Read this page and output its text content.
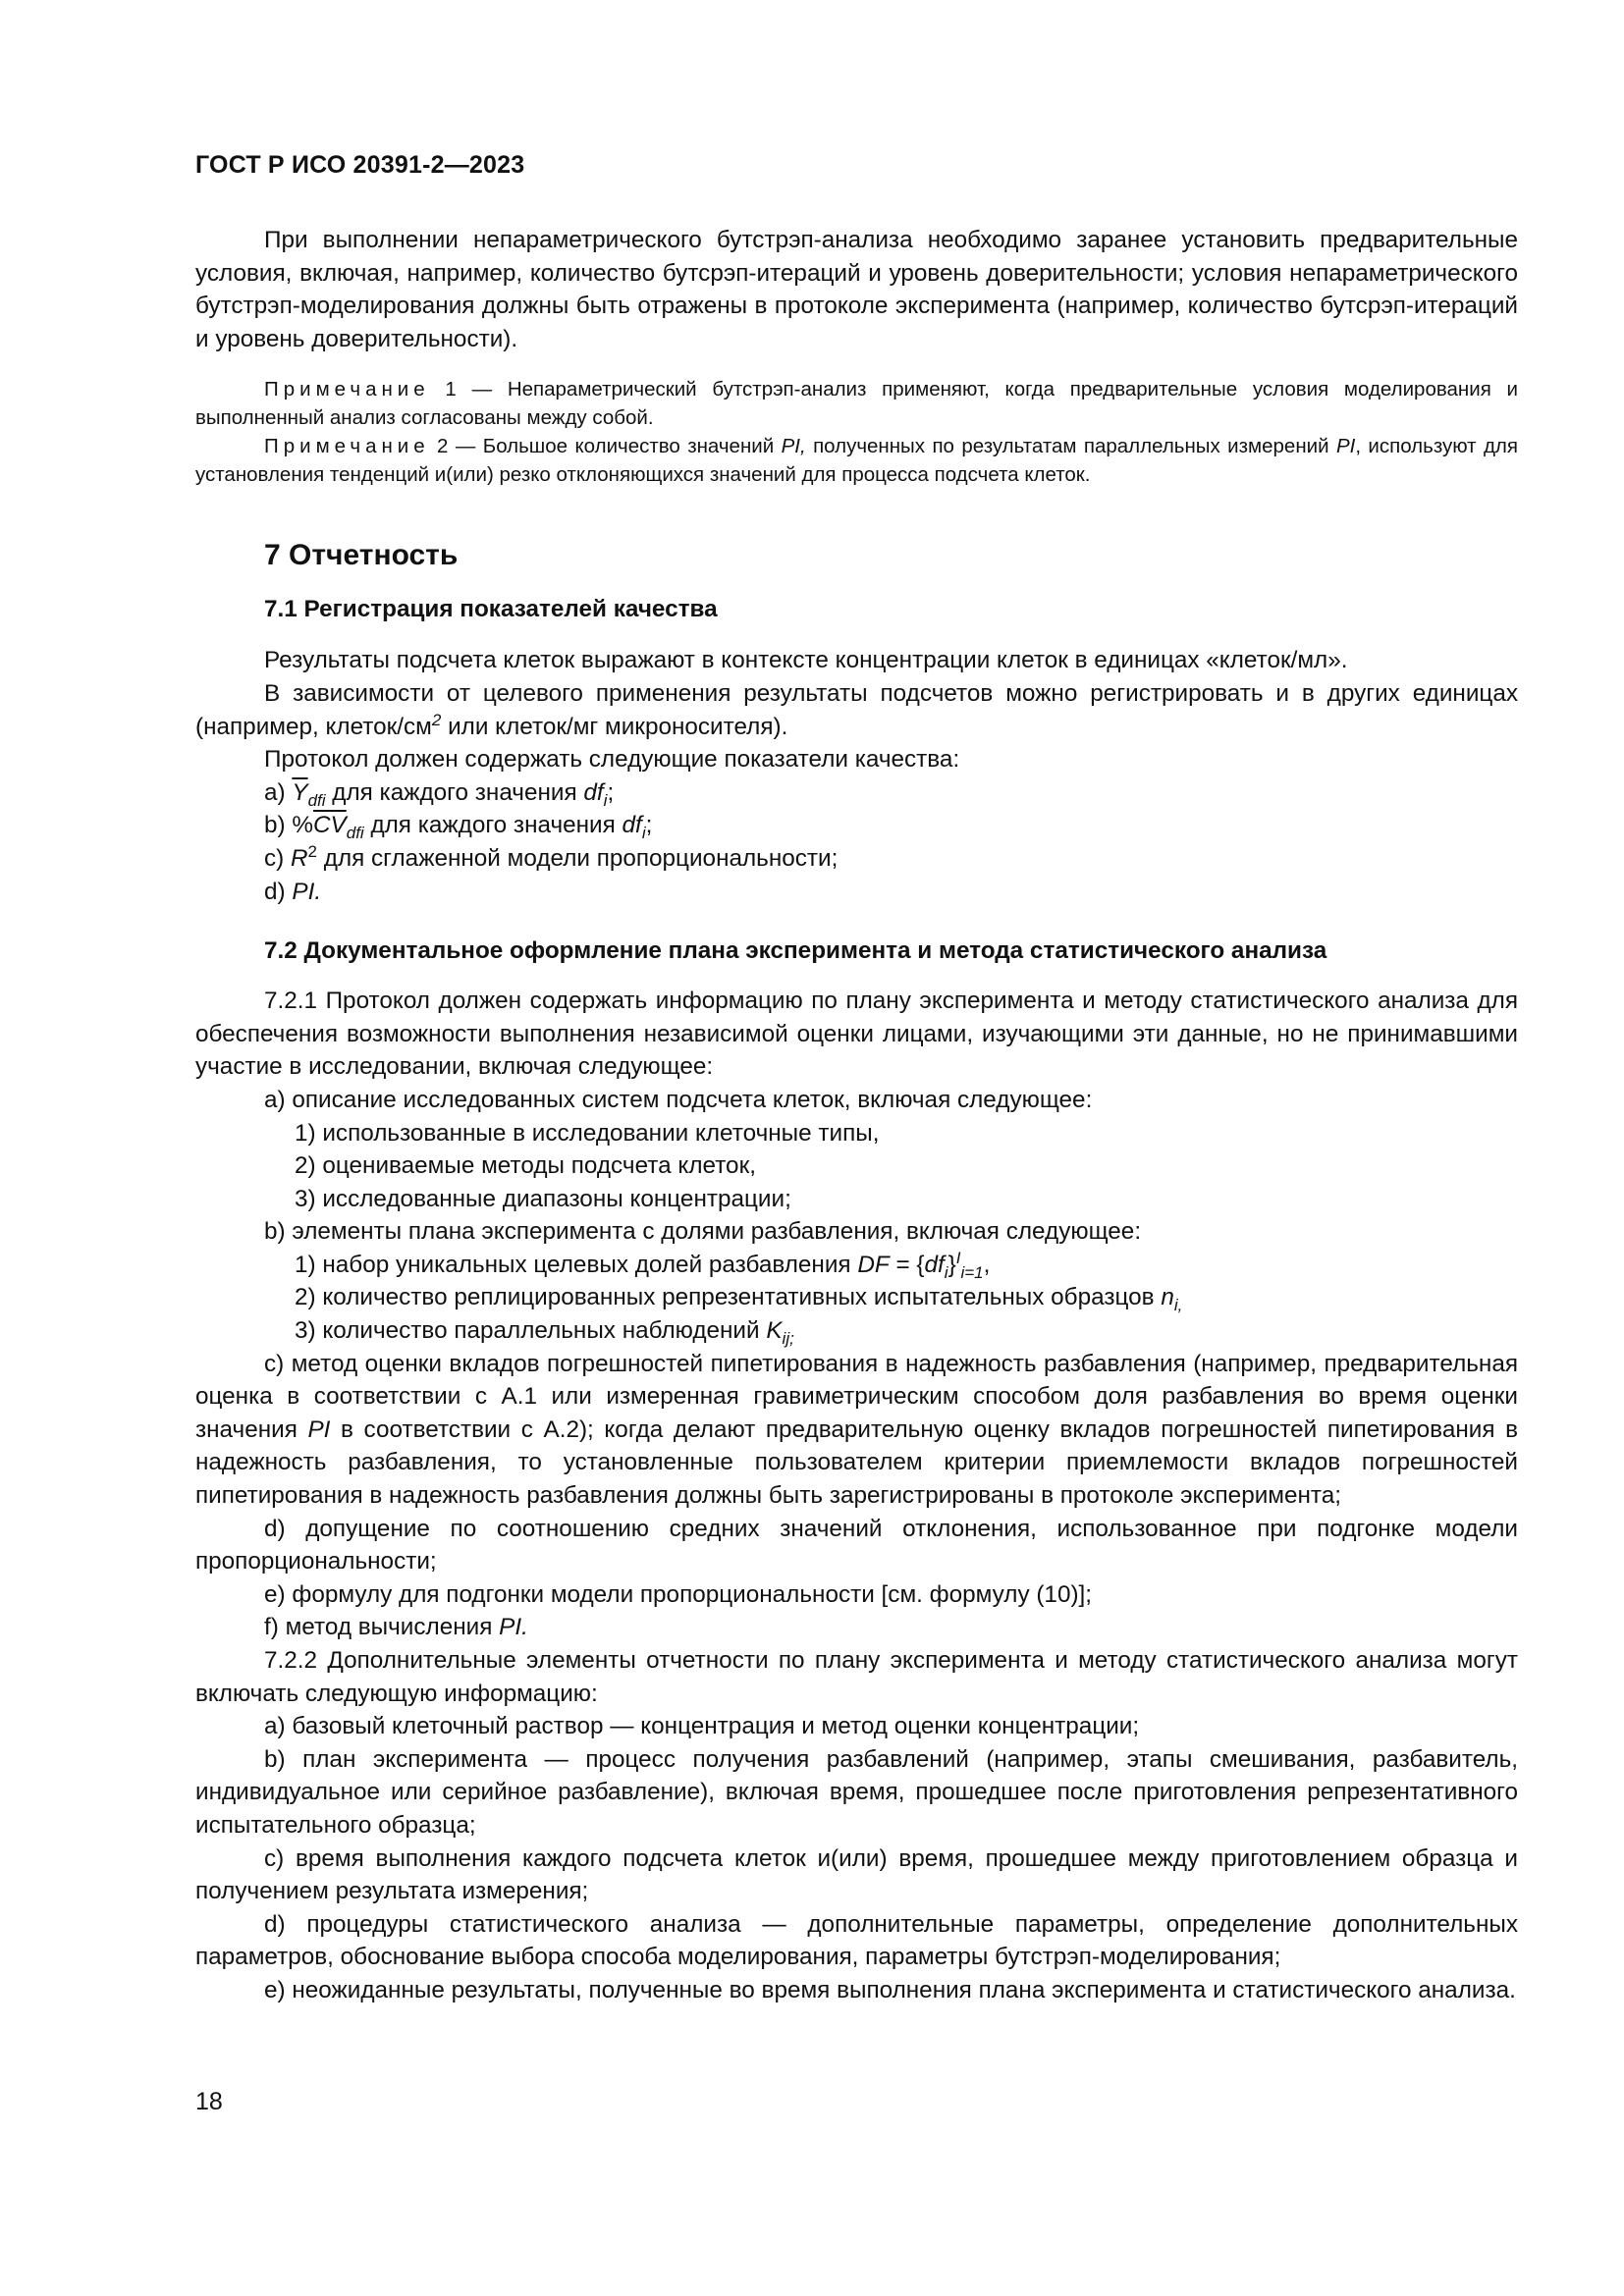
ГОСТ Р ИСО 20391-2—2023

При выполнении непараметрического бутстрэп-анализа необходимо заранее установить предварительные условия, включая, например, количество бутсрэп-итераций и уровень доверительности; условия непараметрического бутстрэп-моделирования должны быть отражены в протоколе эксперимента (например, количество бутсрэп-итераций и уровень доверительности).

Примечание 1 — Непараметрический бутстрэп-анализ применяют, когда предварительные условия моделирования и выполненный анализ согласованы между собой.

Примечание 2 — Большое количество значений PI, полученных по результатам параллельных измерений PI, используют для установления тенденций и(или) резко отклоняющихся значений для процесса подсчета клеток.

7 Отчетность
7.1 Регистрация показателей качества

Результаты подсчета клеток выражают в контексте концентрации клеток в единицах «клеток/мл».

В зависимости от целевого применения результаты подсчетов можно регистрировать и в других единицах (например, клеток/$см^2$ или клеток/мг микроносителя).

Протокол должен содержать следующие показатели качества:

a) $\overline{Y}_{dfi}$ для каждого значения $df_i$;

b) $\%\overline{CV}_{dfi}$ для каждого значения $df_i$;

c) $R^2$ для сглаженной модели пропорциональности;

d) PI.

7.2 Документальное оформление плана эксперимента и метода статистического анализа

7.2.1 Протокол должен содержать информацию по плану эксперимента и методу статистического анализа для обеспечения возможности выполнения независимой оценки лицами, изучающими эти данные, но не принимавшими участие в исследовании, включая следующее:

а) описание исследованных систем подсчета клеток, включая следующее:

1) использованные в исследовании клеточные типы,

2) оцениваемые методы подсчета клеток,

3) исследованные диапазоны концентрации;

b) элементы плана эксперимента с долями разбавления, включая следующее:

1) набор уникальных целевых долей разбавления DF = $\{df_i\}^I_{i=1}$,

2) количество реплицированных репрезентативных испытательных образцов $n_{i,}$

3) количество параллельных наблюдений $K_{ij;}$

c) метод оценки вкладов погрешностей пипетирования в надежность разбавления (например, предварительная оценка в соответствии с А.1 или измеренная гравиметрическим способом доля разбавления во время оценки значения PI в соответствии с А.2); когда делают предварительную оценку вкладов погрешностей пипетирования в надежность разбавления, то установленные пользователем критерии приемлемости вкладов погрешностей пипетирования в надежность разбавления должны быть зарегистрированы в протоколе эксперимента;

d) допущение по соотношению средних значений отклонения, использованное при подгонке модели пропорциональности;

e) формулу для подгонки модели пропорциональности [см. формулу (10)];

f) метод вычисления PI.

7.2.2 Дополнительные элементы отчетности по плану эксперимента и методу статистического анализа могут включать следующую информацию:

a) базовый клеточный раствор — концентрация и метод оценки концентрации;

b) план эксперимента — процесс получения разбавлений (например, этапы смешивания, разбавитель, индивидуальное или серийное разбавление), включая время, прошедшее после приготовления репрезентативного испытательного образца;

c) время выполнения каждого подсчета клеток и(или) время, прошедшее между приготовлением образца и получением результата измерения;

d) процедуры статистического анализа — дополнительные параметры, определение дополнительных параметров, обоснование выбора способа моделирования, параметры бутстрэп-моделирования;

e) неожиданные результаты, полученные во время выполнения плана эксперимента и статистического анализа.

18
